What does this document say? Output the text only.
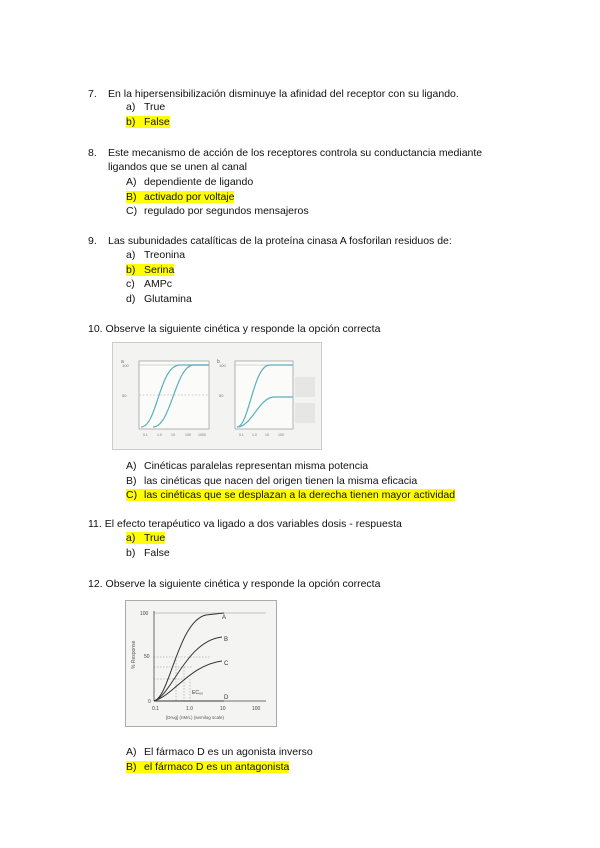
7. En la hipersensibilización disminuye la afinidad del receptor con su ligando.
a) True
b) False
8. Este mecanismo de acción de los receptores controla su conductancia mediante
ligandos que se unen al canal
A) dependiente de ligando
B) activado por voltaje
C) regulado por segundos mensajeros
9. Las subunidades catalíticas de la proteína cinasa A fosforilan residuos de:
a) Treonina
b) Serina
c) AMPc
d) Glutamina
10. Observe la siguiente cinética y responde la opción correcta
a
50
100
0.1	1.0	10	100 1000
b
50
100
0.1 1.0 10	100
A) Cinéticas paralelas representan misma potencia
B) las cinéticas que nacen del origen tienen la misma eficacia
C) las cinéticas que se desplazan a la derecha tienen mayor actividad
11. El efecto terapéutico va ligado a dos variables dosis - respuesta
a) True
b) False
12. Observe la siguiente cinética y responde la opción correcta
% Response
100
50
0
A
B
C
D
EC₅₀
0.1	1.0	10	100
[Drug] (nM/L) (semilog scale)
A) El fármaco D es un agonista inverso
B) el fármaco D es un antagonista
